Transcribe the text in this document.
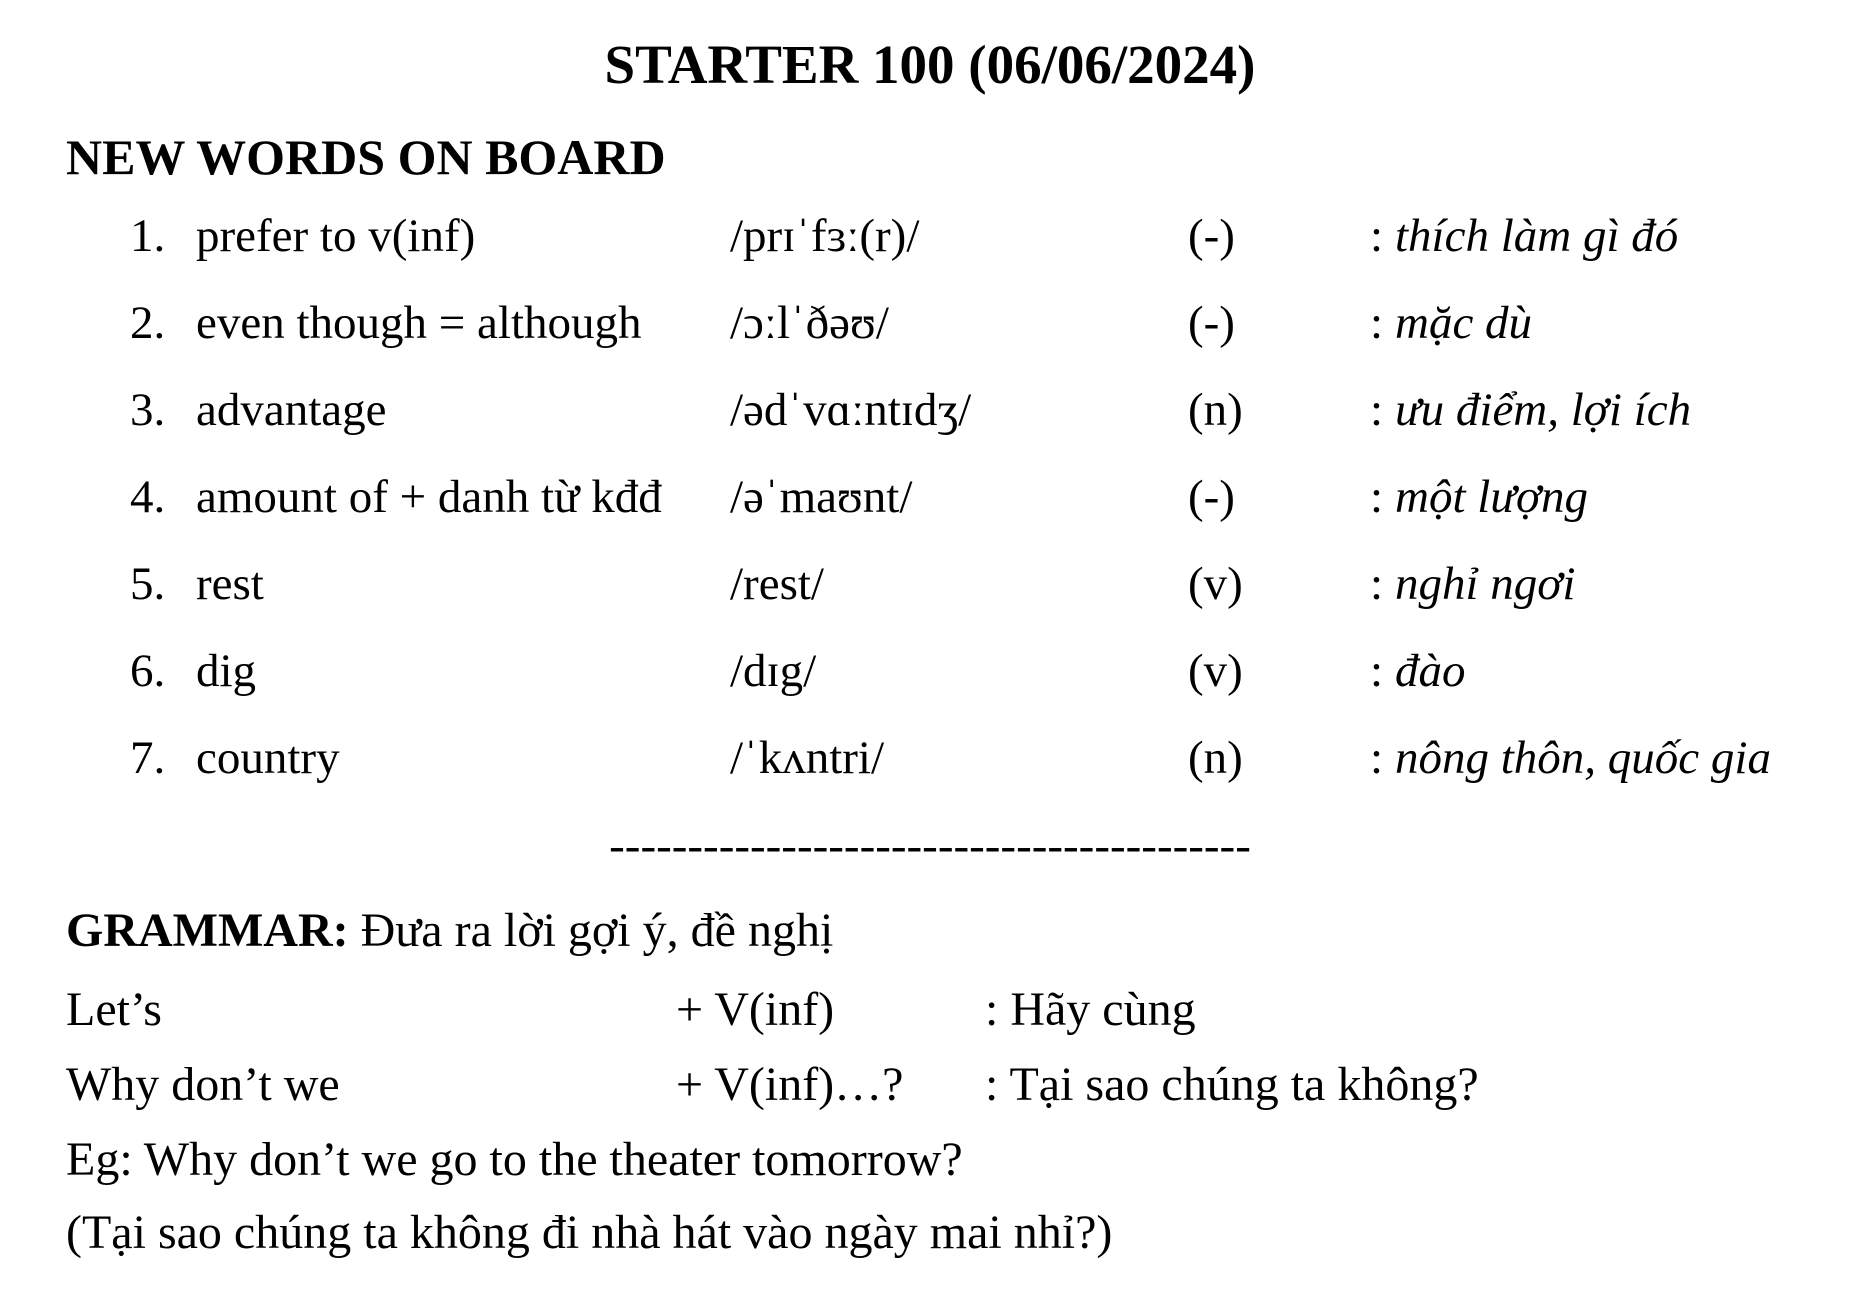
STARTER 100 (06/06/2024)
NEW WORDS ON BOARD
1. prefer to v(inf)	/prɪˈfɜː(r)/	(-)	: thích làm gì đó
2. even though = although /ɔːlˈðəʊ/	(-)	: mặc dù
3. advantage	/ədˈvɑːntɪdʒ/	(n)	: ưu điểm, lợi ích
4. amount of + danh từ kđđ /əˈmaʊnt/	(-)	: một lượng
5. rest	/rest/	(v)	: nghỉ ngơi
6. dig	/dɪg/	(v)	: đào
7. country	/ˈkʌntri/	(n)	: nông thôn, quốc gia
-----------------------------------------
GRAMMAR: Đưa ra lời gợi ý, đề nghị
Let’s	+ V(inf)	: Hãy cùng
Why don’t we	+ V(inf)…? : Tại sao chúng ta không?
Eg: Why don’t we go to the theater tomorrow?
(Tại sao chúng ta không đi nhà hát vào ngày mai nhỉ?)
